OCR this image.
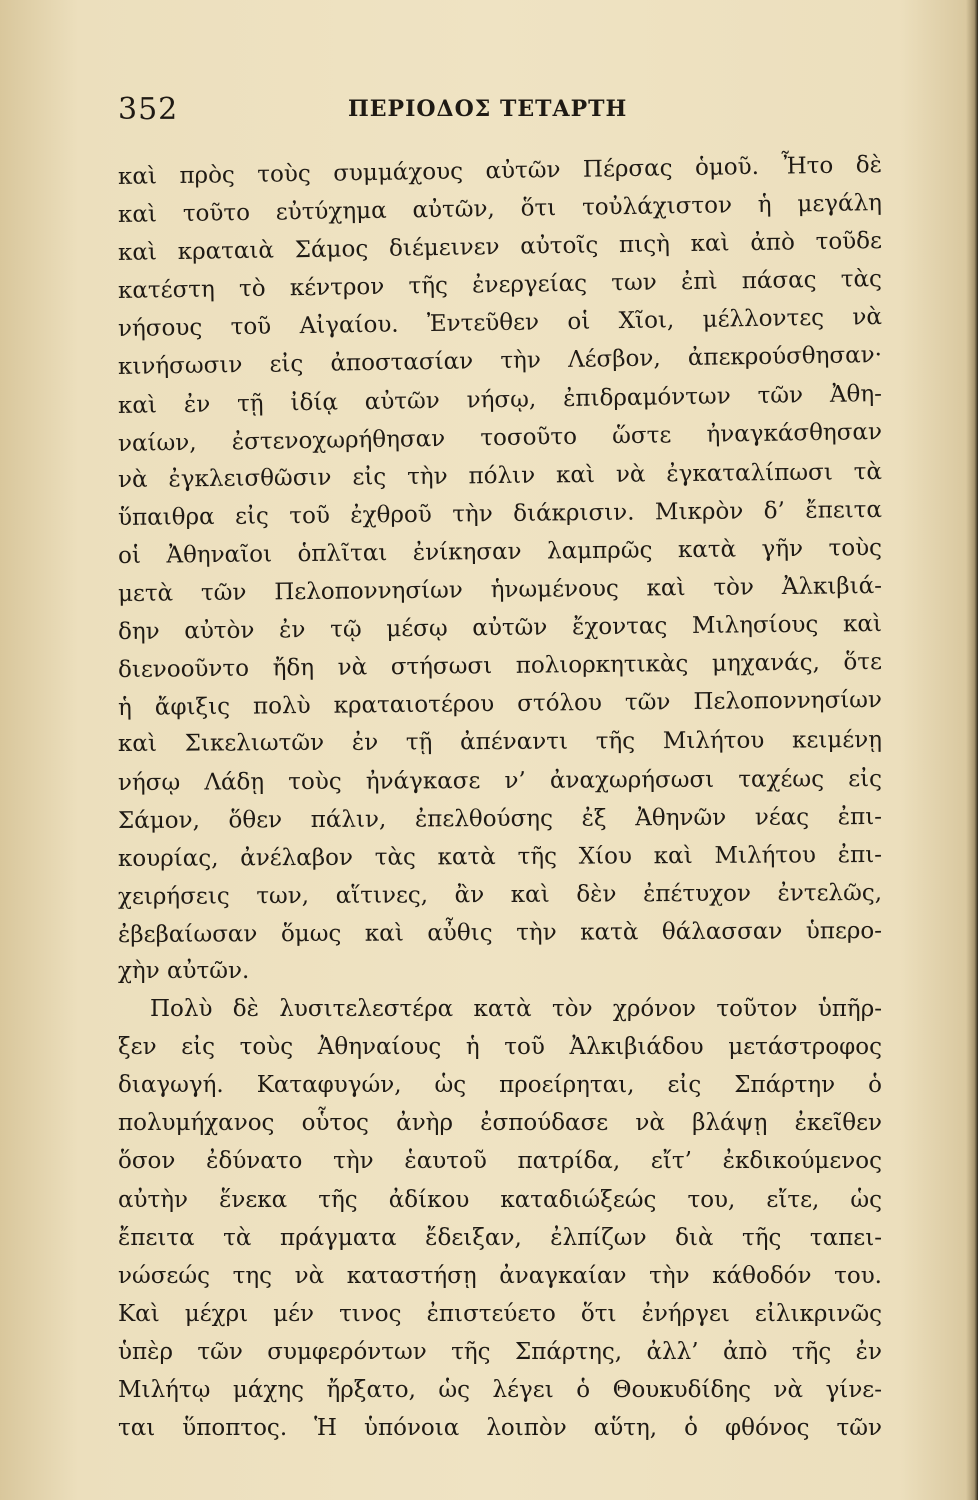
352	ΠΕΡΙΟΔΟΣ ΤΕΤΑΡΤΗ
καὶ πρὸς τοὺς συμμάχους αὐτῶν Πέρσας ὁμοῦ. Ἦτο δὲ
καὶ τοῦτο εὐτύχημα αὐτῶν, ὅτι τοὐλάχιστον ἡ μεγάλη
καὶ κραταιὰ Σάμος διέμεινεν αὐτοῖς πιςὴ καὶ ἀπὸ τοῦδε
κατέστη τὸ κέντρον τῆς ἐνεργείας των ἐπὶ πάσας τὰς
νήσους τοῦ Αἰγαίου. Ἐντεῦθεν οἱ Χῖοι, μέλλοντες νὰ
κινήσωσιν εἰς ἀποστασίαν τὴν Λέσβον, ἀπεκρούσθησαν·
καὶ ἐν τῇ ἰδίᾳ αὐτῶν νήσῳ, ἐπιδραμόντων τῶν Ἀθη-
ναίων, ἐστενοχωρήθησαν τοσοῦτο ὥστε ἠναγκάσθησαν
νὰ ἐγκλεισθῶσιν εἰς τὴν πόλιν καὶ νὰ ἐγκαταλίπωσι τὰ
ὕπαιθρα εἰς τοῦ ἐχθροῦ τὴν διάκρισιν. Μικρὸν δ’ ἔπειτα
οἱ Ἀθηναῖοι ὁπλῖται ἐνίκησαν λαμπρῶς κατὰ γῆν τοὺς
μετὰ τῶν Πελοποννησίων ἡνωμένους καὶ τὸν Ἀλκιβιά-
δην αὐτὸν ἐν τῷ μέσῳ αὐτῶν ἔχοντας Μιλησίους καὶ
διενοοῦντο ἤδη νὰ στήσωσι πολιορκητικὰς μηχανάς, ὅτε
ἡ ἄφιξις πολὺ κραταιοτέρου στόλου τῶν Πελοποννησίων
καὶ Σικελιωτῶν ἐν τῇ ἀπέναντι τῆς Μιλήτου κειμένῃ
νήσῳ Λάδῃ τοὺς ἠνάγκασε ν’ ἀναχωρήσωσι ταχέως εἰς
Σάμον, ὅθεν πάλιν, ἐπελθούσης ἐξ Ἀθηνῶν νέας ἐπι-
κουρίας, ἀνέλαβον τὰς κατὰ τῆς Χίου καὶ Μιλήτου ἐπι-
χειρήσεις των, αἵτινες, ἂν καὶ δὲν ἐπέτυχον ἐντελῶς,
ἐβεβαίωσαν ὅμως καὶ αὖθις τὴν κατὰ θάλασσαν ὑπερο-
χὴν αὐτῶν.
Πολὺ δὲ λυσιτελεστέρα κατὰ τὸν χρόνον τοῦτον ὑπῆρ-
ξεν εἰς τοὺς Ἀθηναίους ἡ τοῦ Ἀλκιβιάδου μετάστροφος
διαγωγή. Καταφυγών, ὡς προείρηται, εἰς Σπάρτην ὁ
πολυμήχανος οὗτος ἀνὴρ ἐσπούδασε νὰ βλάψῃ ἐκεῖθεν
ὅσον ἐδύνατο τὴν ἑαυτοῦ πατρίδα, εἴτ’ ἐκδικούμενος
αὐτὴν ἕνεκα τῆς ἀδίκου καταδιώξεώς του, εἴτε, ὡς
ἔπειτα τὰ πράγματα ἔδειξαν, ἐλπίζων διὰ τῆς ταπει-
νώσεώς της νὰ καταστήσῃ ἀναγκαίαν τὴν κάθοδόν του.
Καὶ μέχρι μέν τινος ἐπιστεύετο ὅτι ἐνήργει εἰλικρινῶς
ὑπὲρ τῶν συμφερόντων τῆς Σπάρτης, ἀλλ’ ἀπὸ τῆς ἐν
Μιλήτῳ μάχης ἤρξατο, ὡς λέγει ὁ Θουκυδίδης νὰ γίνε-
ται ὕποπτος. Ἡ ὑπόνοια λοιπὸν αὕτη, ὁ φθόνος τῶν
